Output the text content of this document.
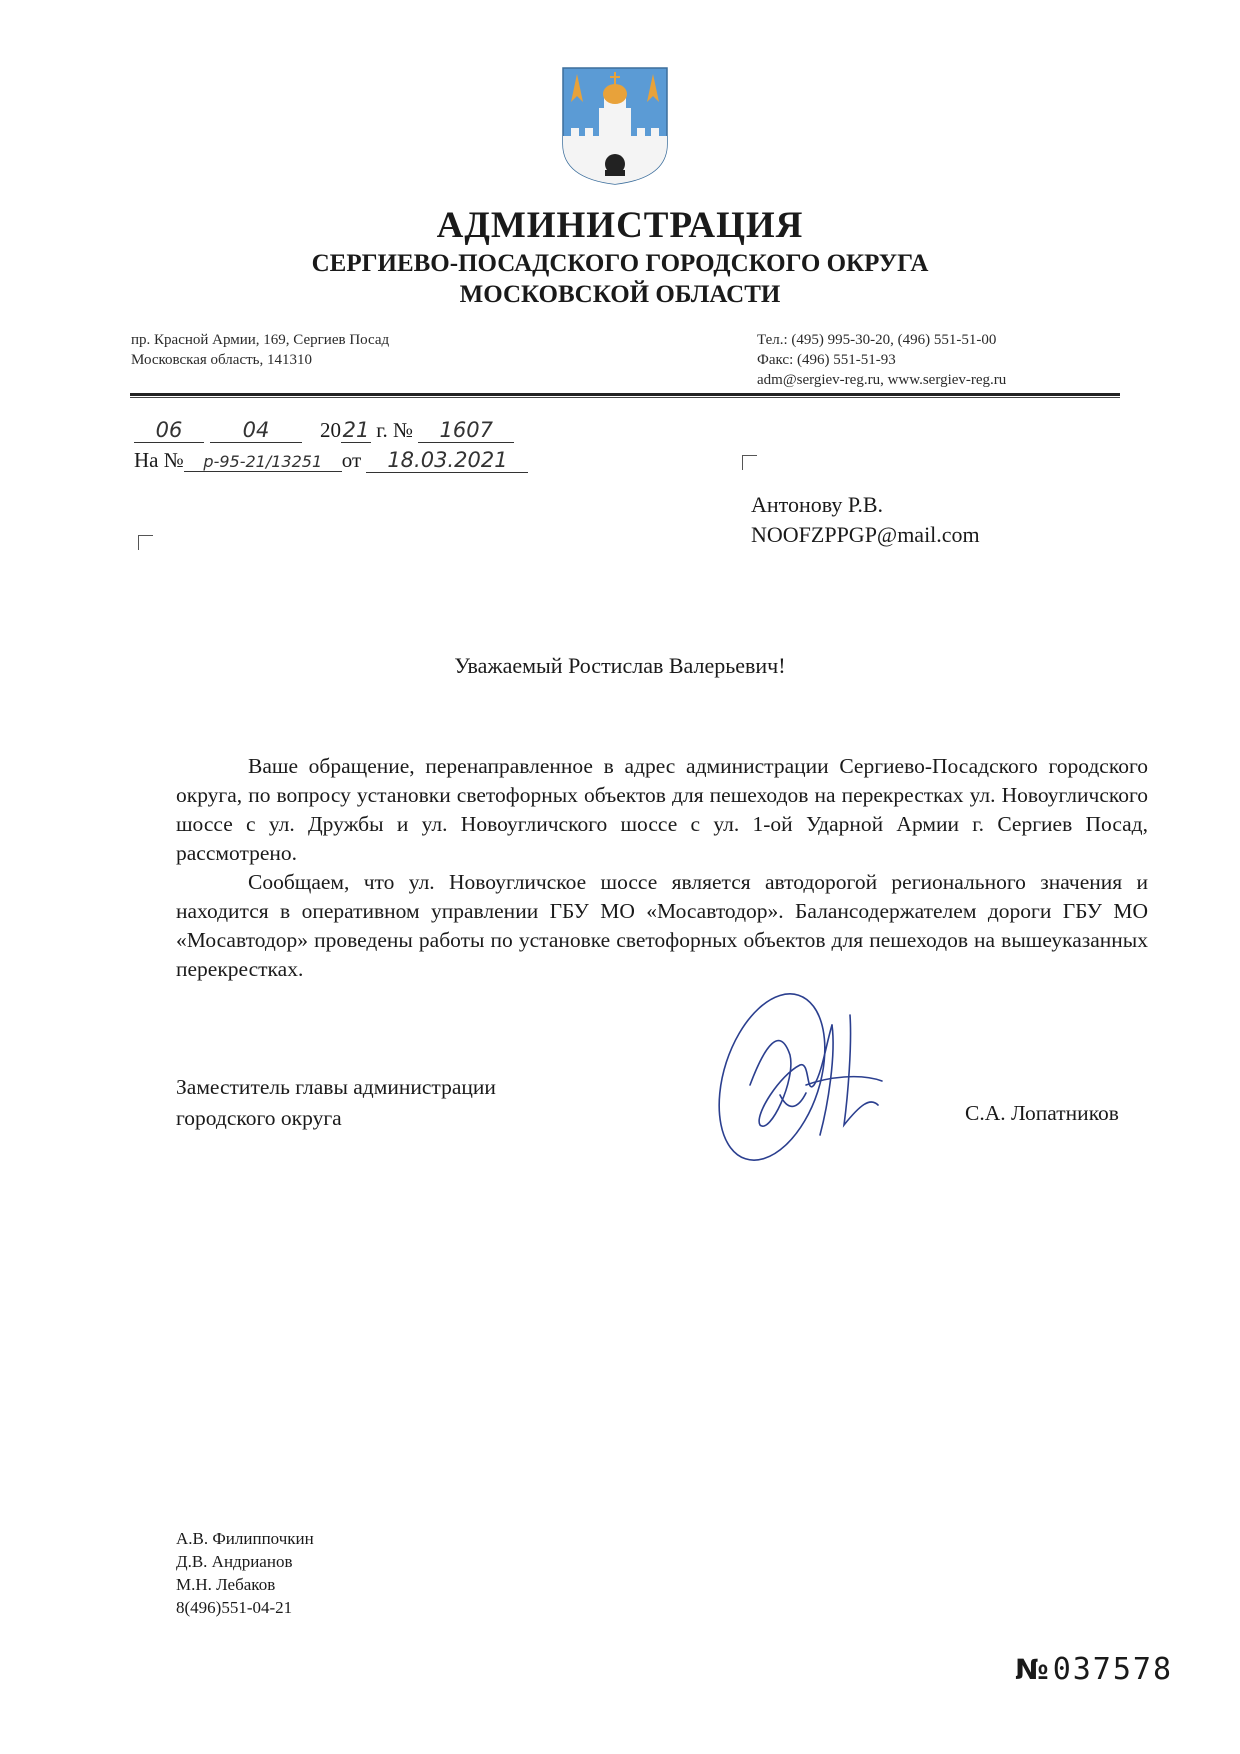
АДМИНИСТРАЦИЯ
СЕРГИЕВО-ПОСАДСКОГО ГОРОДСКОГО ОКРУГА
МОСКОВСКОЙ ОБЛАСТИ
пр. Красной Армии, 169, Сергиев Посад
Московская область, 141310
Тел.: (495) 995-30-20, (496) 551-51-00
Факс: (496) 551-51-93
adm@sergiev-reg.ru, www.sergiev-reg.ru
06	04 2021 г. № 1607
На № р-95-21/13251 от 18.03.2021
Антонову Р.В.
NOOFZPPGP@mail.com
Уважаемый Ростислав Валерьевич!

Ваше обращение, перенаправленное в адрес администрации Сергиево-Посадского городского округа, по вопросу установки светофорных объектов для пешеходов на перекрестках ул. Новоугличского шоссе с ул. Дружбы и ул. Новоугличского шоссе с ул. 1-ой Ударной Армии г. Сергиев Посад, рассмотрено.

Сообщаем, что ул. Новоугличское шоссе является автодорогой регионального значения и находится в оперативном управлении ГБУ МО «Мосавтодор». Балансодержателем дороги ГБУ МО «Мосавтодор» проведены работы по установке светофорных объектов для пешеходов на вышеуказанных перекрестках.

Заместитель главы администрации
городского округа	С.А. Лопатников
А.В. Филиппочкин
Д.В. Андрианов
М.Н. Лебаков
8(496)551-04-21
№ 037578
